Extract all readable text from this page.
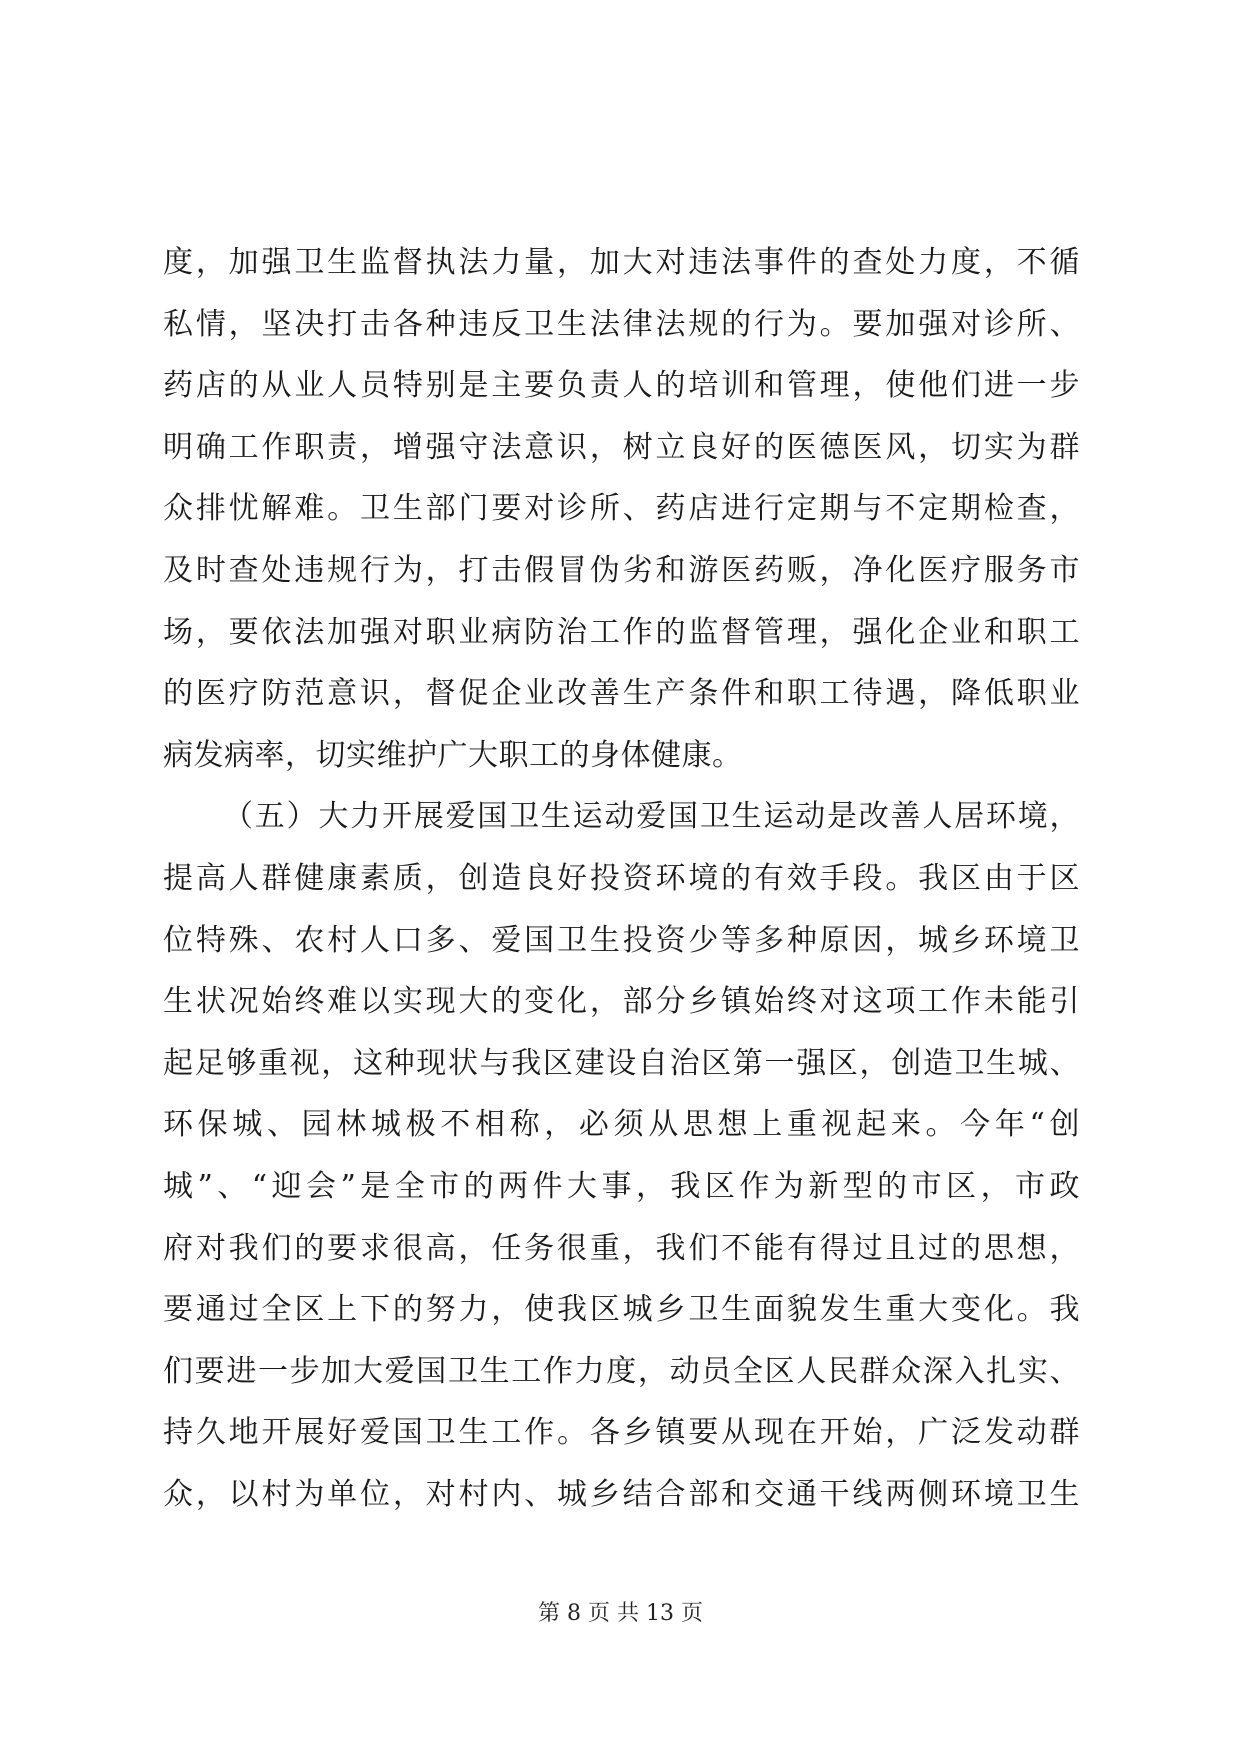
度，加强卫生监督执法力量，加大对违法事件的查处力度，不循
私情，坚决打击各种违反卫生法律法规的行为。要加强对诊所、
药店的从业人员特别是主要负责人的培训和管理，使他们进一步
明确工作职责，增强守法意识，树立良好的医德医风，切实为群
众排忧解难。卫生部门要对诊所、药店进行定期与不定期检查，
及时查处违规行为，打击假冒伪劣和游医药贩，净化医疗服务市
场，要依法加强对职业病防治工作的监督管理，强化企业和职工
的医疗防范意识，督促企业改善生产条件和职工待遇，降低职业
病发病率，切实维护广大职工的身体健康。
（五）大力开展爱国卫生运动爱国卫生运动是改善人居环境，
提高人群健康素质，创造良好投资环境的有效手段。我区由于区
位特殊、农村人口多、爱国卫生投资少等多种原因，城乡环境卫
生状况始终难以实现大的变化，部分乡镇始终对这项工作未能引
起足够重视，这种现状与我区建设自治区第一强区，创造卫生城、
环保城、园林城极不相称，必须从思想上重视起来。今年“创
城”、“迎会”是全市的两件大事，我区作为新型的市区，市政
府对我们的要求很高，任务很重，我们不能有得过且过的思想，
要通过全区上下的努力，使我区城乡卫生面貌发生重大变化。我
们要进一步加大爱国卫生工作力度，动员全区人民群众深入扎实、
持久地开展好爱国卫生工作。各乡镇要从现在开始，广泛发动群
众，以村为单位，对村内、城乡结合部和交通干线两侧环境卫生
第 8 页 共 13 页
